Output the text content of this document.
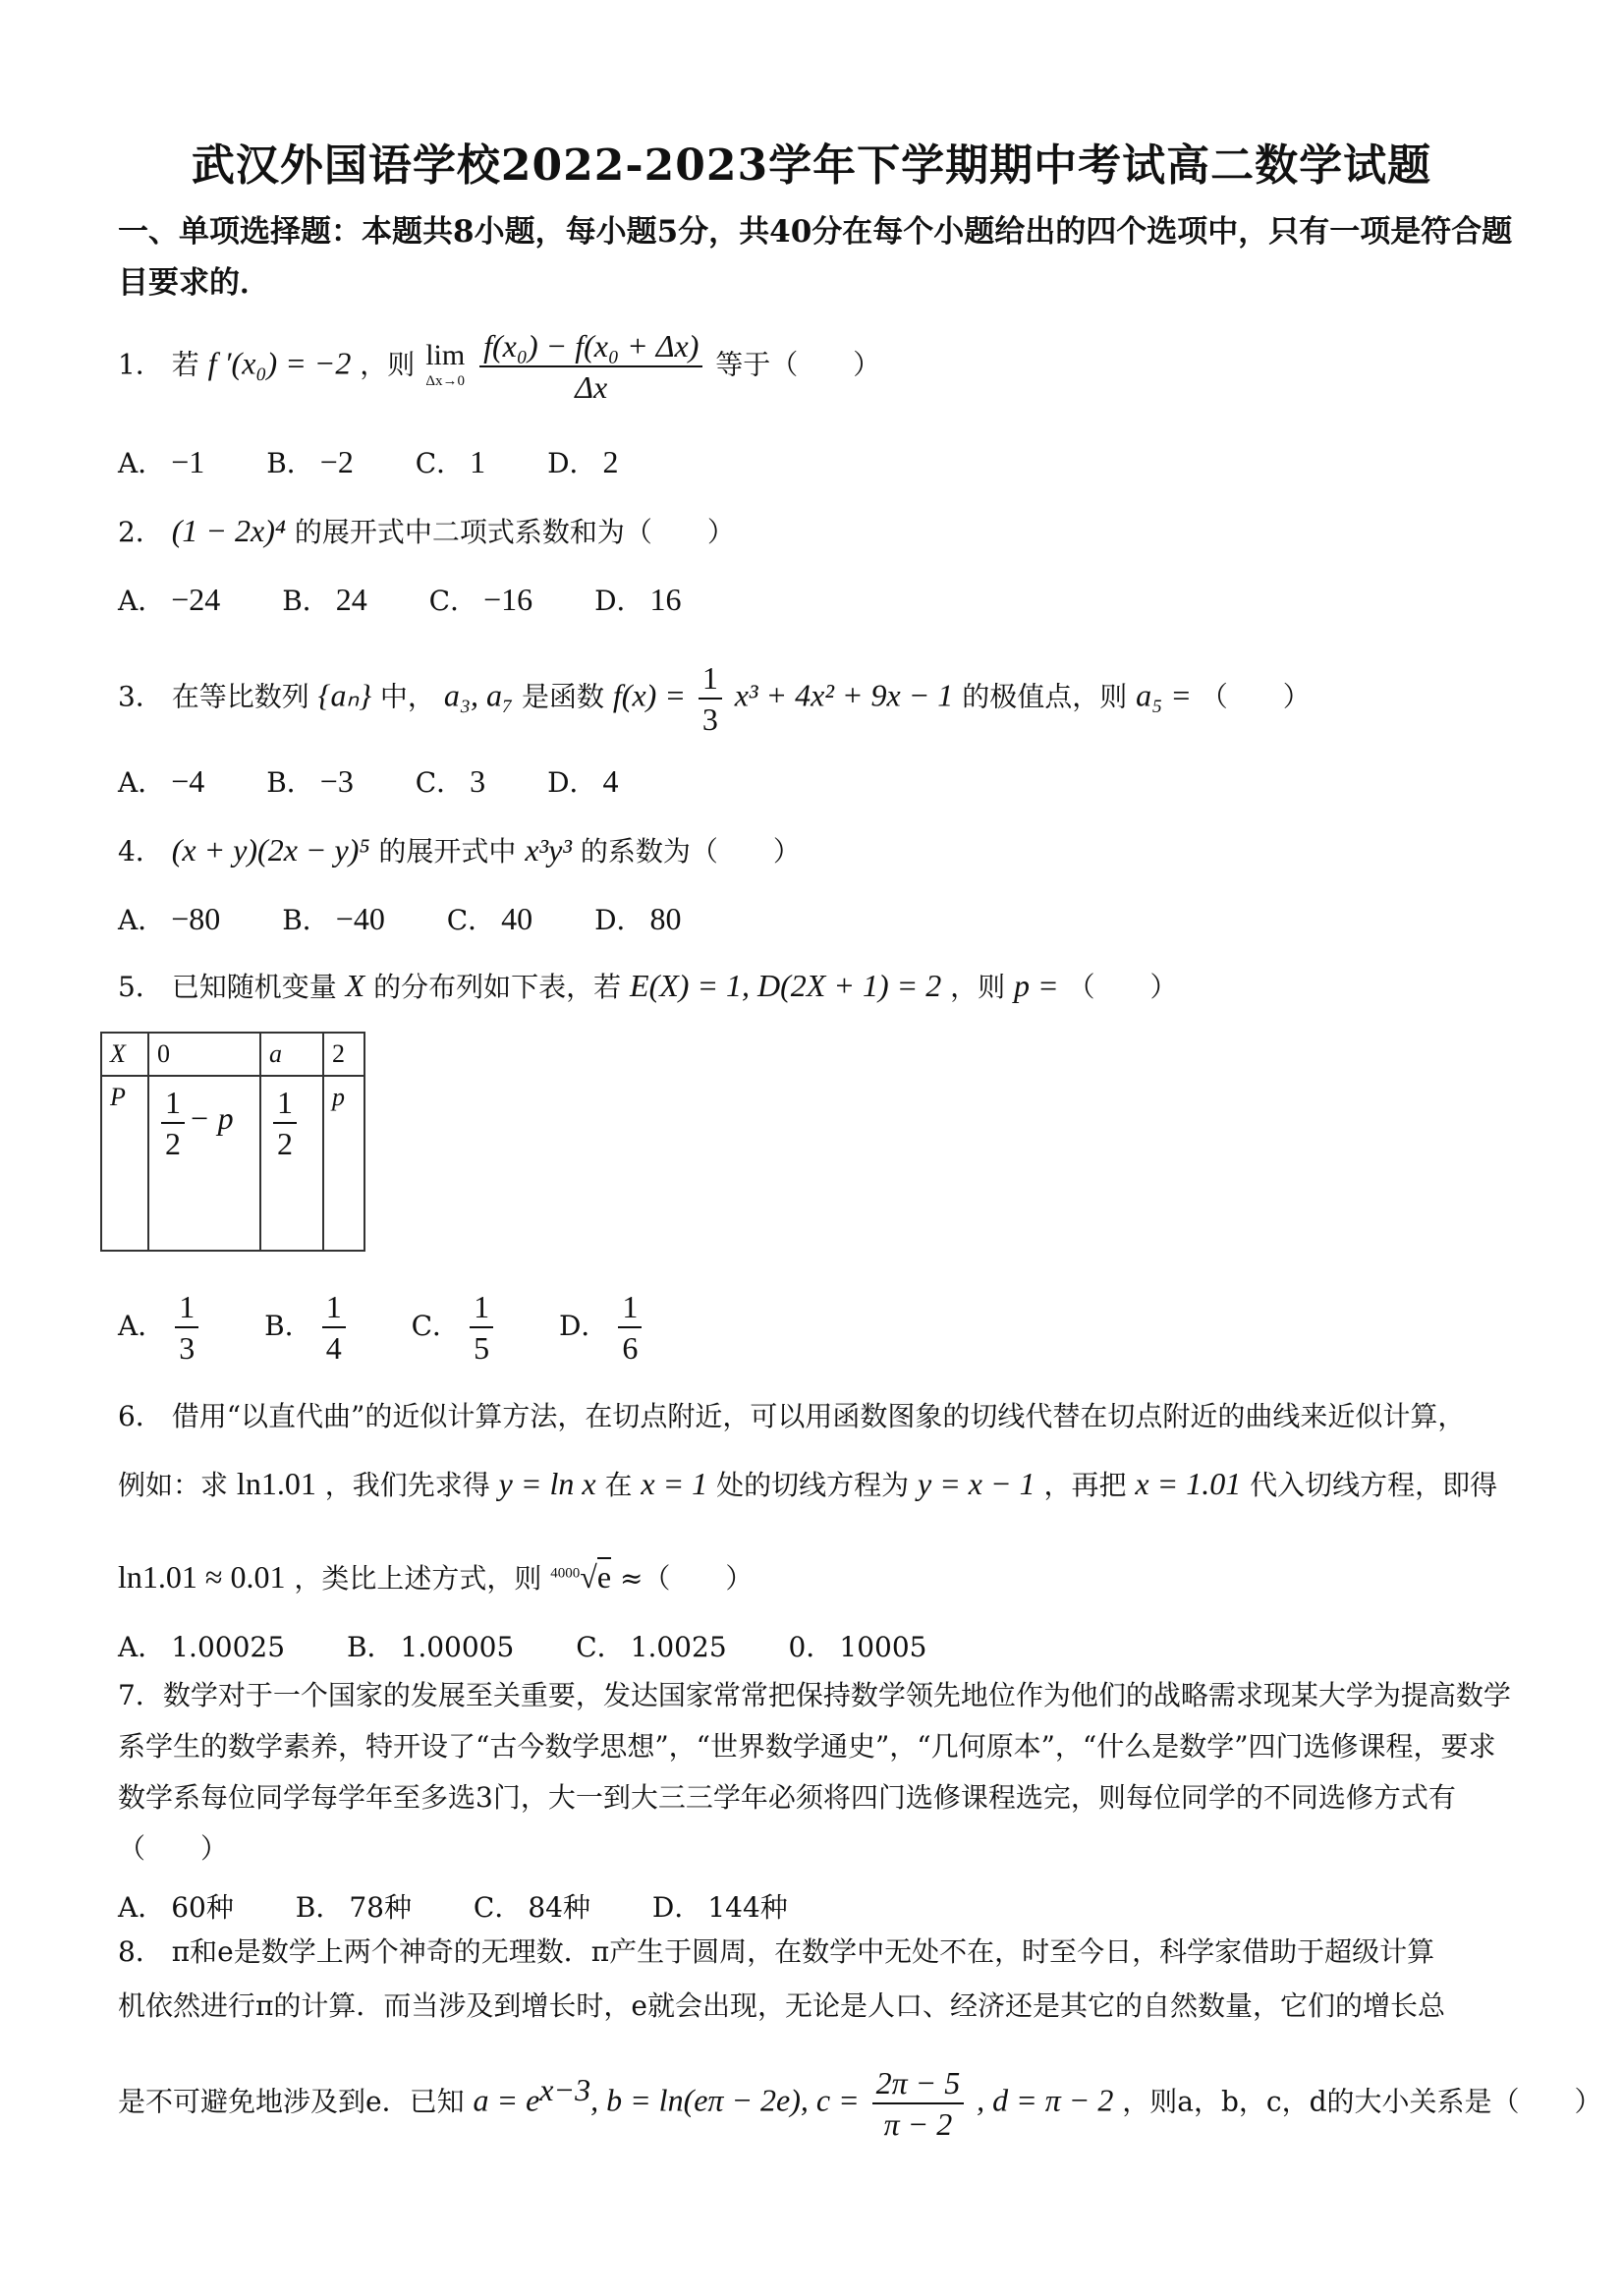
武汉外国语学校2022-2023学年下学期期中考试高二数学试题
一、单项选择题：本题共8小题，每小题5分，共40分在每个小题给出的四个选项中，只有一项是符合题目要求的．
1． 若 f ′(x₀) = −2 ，则 lim
Δx→0
$\frac{\text{f(x₀) − f(x₀ + Δx)}}{\Delta x}$ 等于（　　）
A． −1 B． −2 C． 1 D． 2
2． (1 − 2x)⁴ 的展开式中二项式系数和为（　　）
A． −24 B． 24 C． −16 D． 16
3． 在等比数列 {aₙ} 中， a₃, a₇ 是函数 $f(x) = \frac{1}{3} x^3 + 4x^2 + 9x - 1$ 的极值点，则 a₅ = （　　）
A． −4 B． −3 C． 3 D． 4
4． (x + y)(2x − y)⁵ 的展开式中 x³y³ 的系数为（　　）
A． −80 B． −40 C． 40 D． 80
5． 已知随机变量 X 的分布列如下表，若 E(X) = 1, D(2X + 1) = 2 ，则 p = （　　）
X	0	a	2
P	$\frac{1}{2} - p$	$\frac{1}{2}$	p
A． $\frac{1}{3}$ B． $\frac{1}{4}$ C． $\frac{1}{5}$ D． $\frac{1}{6}$
6． 借用“以直代曲”的近似计算方法，在切点附近，可以用函数图象的切线代替在切点附近的曲线来近似计算，
例如：求 ln1.01 ，我们先求得 y = ln x 在 x = 1 处的切线方程为 y = x − 1 ，再把 x = 1.01 代入切线方程，即得
ln1.01 ≈ 0.01 ，类比上述方式，则 $^{4000}$√e ≈（　　）
A． 1.00025 B． 1.00005 C． 1.0025 0． 10005
7．数学对于一个国家的发展至关重要，发达国家常常把保持数学领先地位作为他们的战略需求现某大学为提高数学系学生的数学素养，特开设了“古今数学思想”，“世界数学通史”，“几何原本”，“什么是数学”四门选修课程，要求数学系每位同学每学年至多选3门，大一到大三三学年必须将四门选修课程选完，则每位同学的不同选修方式有（　　）
A． 60种 B． 78种 C． 84种 D． 144种
8． π和e是数学上两个神奇的无理数．π产生于圆周，在数学中无处不在，时至今日，科学家借助于超级计算
机依然进行π的计算．而当涉及到增长时，e就会出现，无论是人口、经济还是其它的自然数量，它们的增长总
是不可避免地涉及到e．已知 $a = e^{x-3}$, b = ln(eπ − 2e), $c = \frac{2\pi - 5}{\pi - 2}$ , d = π − 2 ，则a，b，c，d的大小关系是（　　）
